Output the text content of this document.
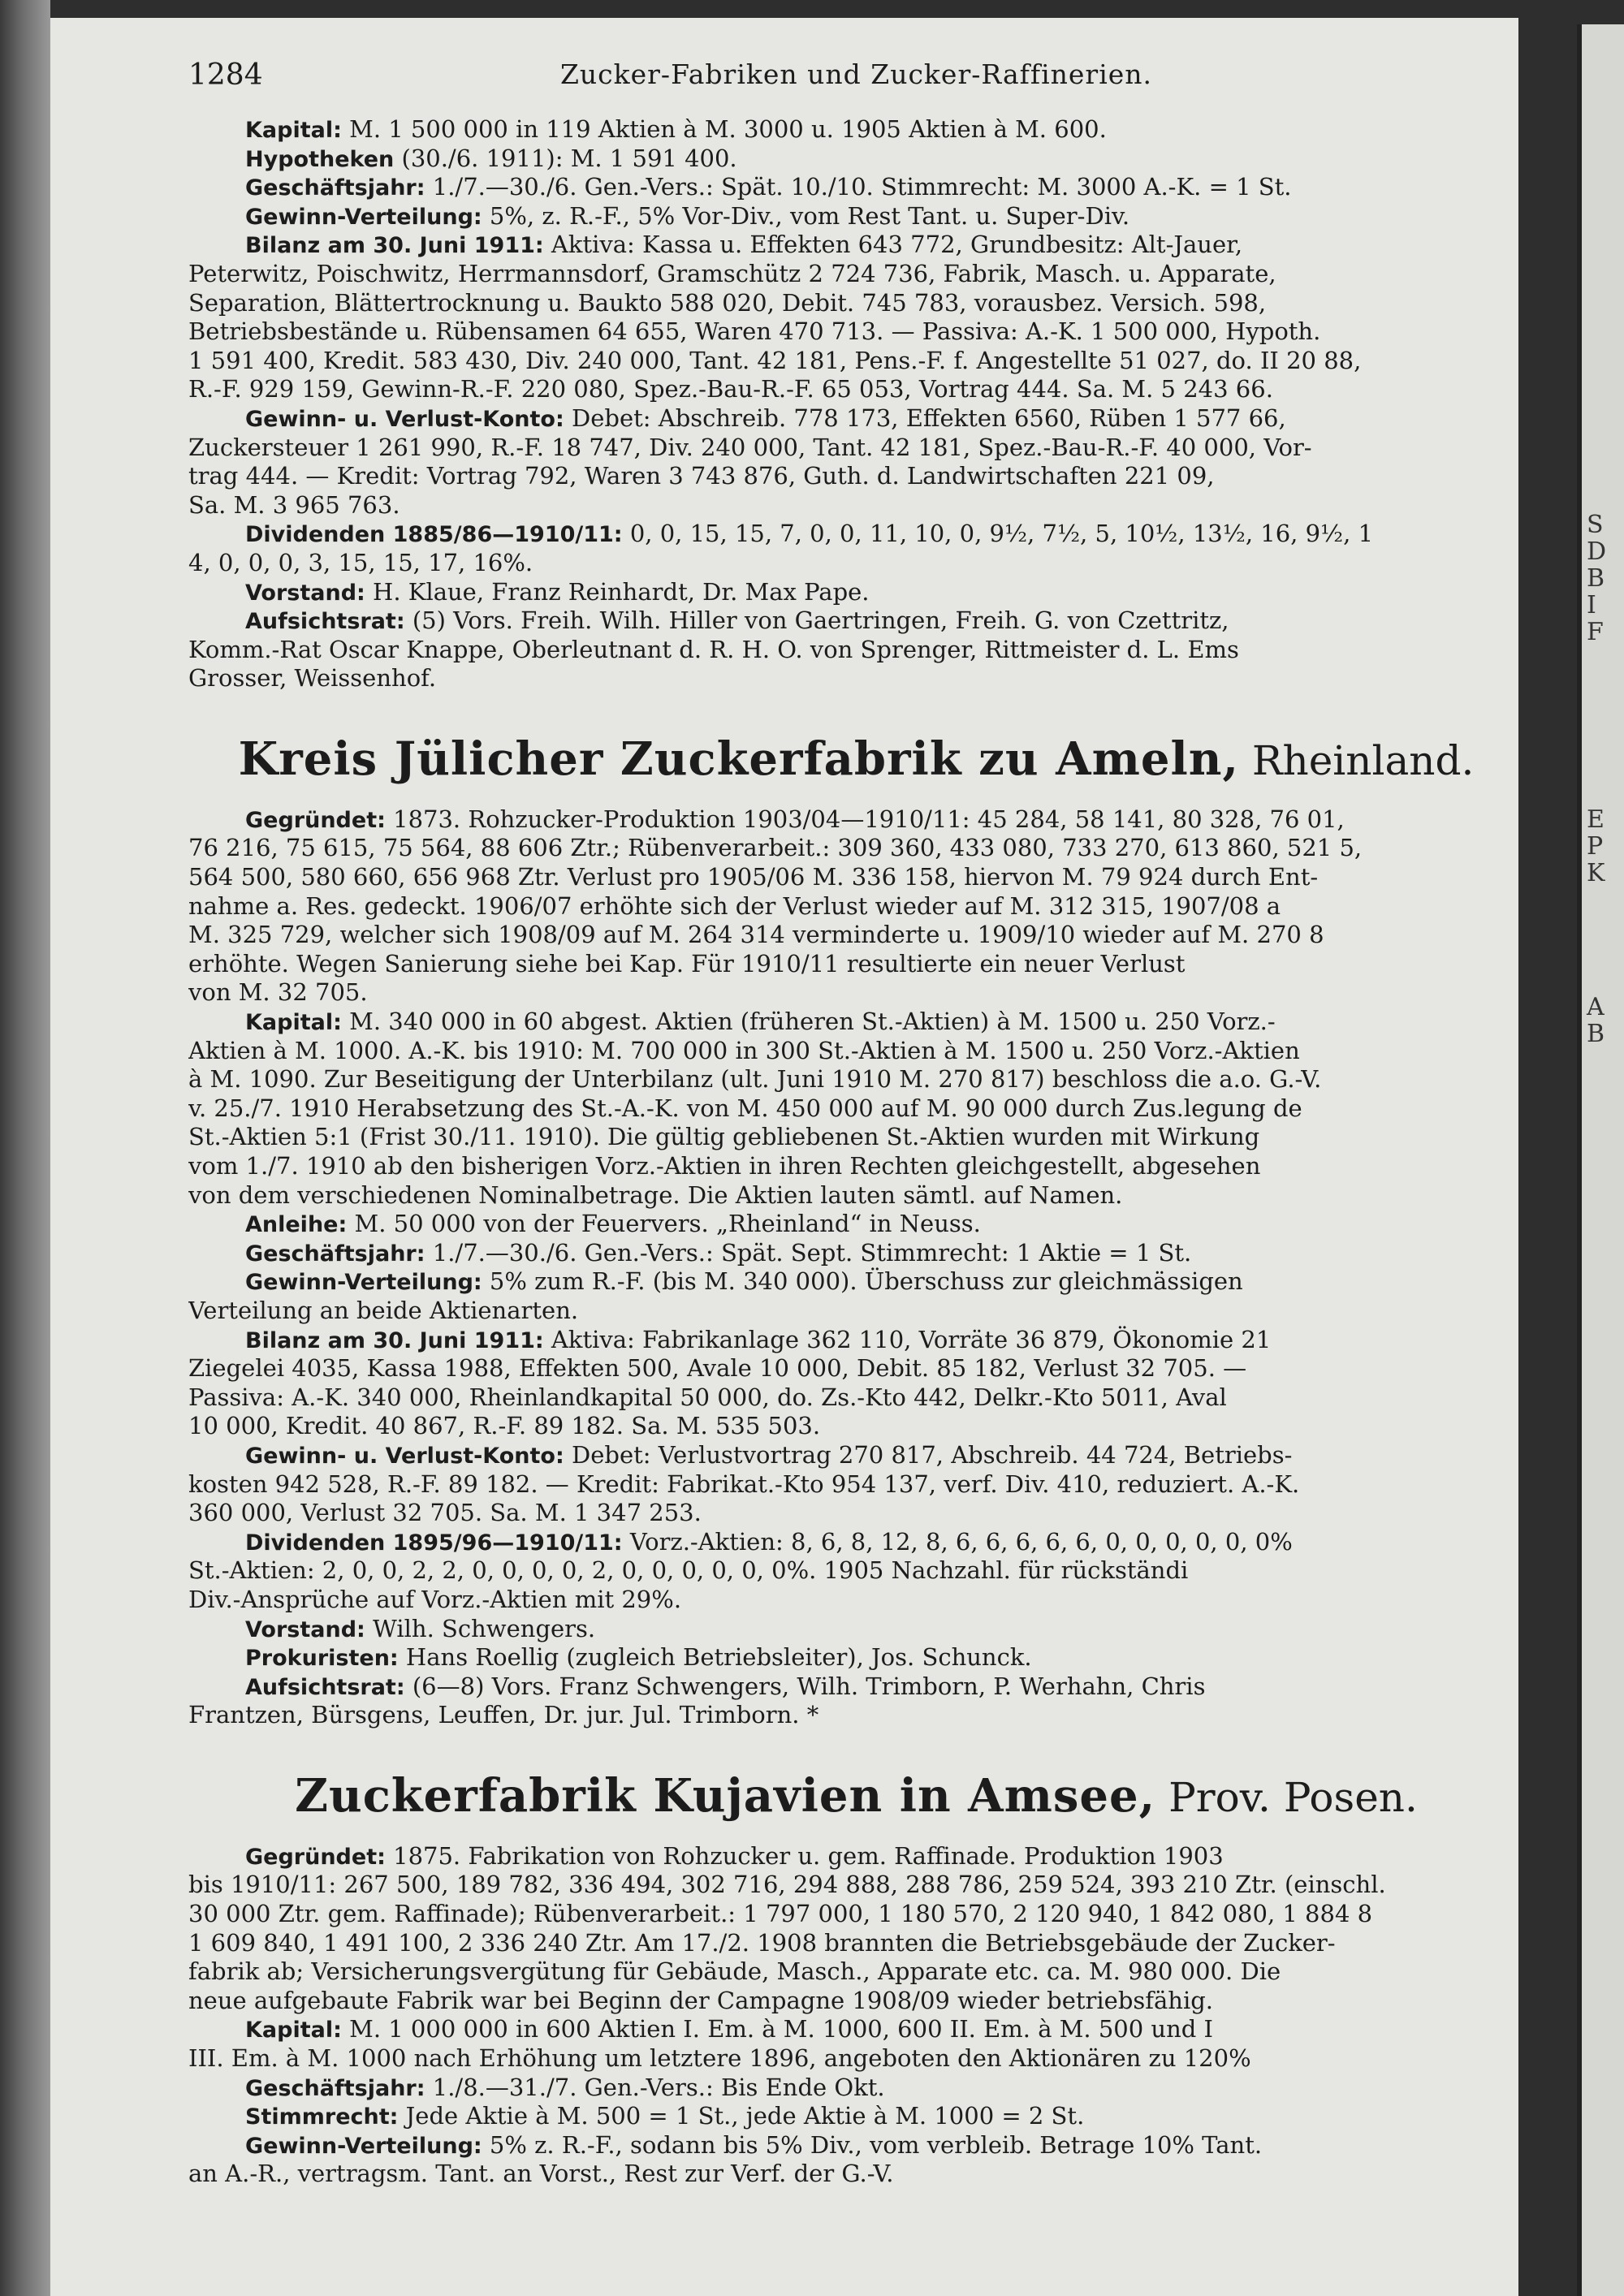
S
D
B
I
F

E
P
K

A
B
1284	Zucker-Fabriken und Zucker-Raffinerien.
Kapital: M. 1 500 000 in 119 Aktien à M. 3000 u. 1905 Aktien à M. 600.
Hypotheken (30./6. 1911): M. 1 591 400.
Geschäftsjahr: 1./7.—30./6. Gen.-Vers.: Spät. 10./10. Stimmrecht: M. 3000 A.-K. = 1 St.
Gewinn-Verteilung: 5%, z. R.-F., 5% Vor-Div., vom Rest Tant. u. Super-Div.
Bilanz am 30. Juni 1911: Aktiva: Kassa u. Effekten 643 772, Grundbesitz: Alt-Jauer,
Peterwitz, Poischwitz, Herrmannsdorf, Gramschütz 2 724 736, Fabrik, Masch. u. Apparate,
Separation, Blättertrocknung u. Baukto 588 020, Debit. 745 783, vorausbez. Versich. 598,
Betriebsbestände u. Rübensamen 64 655, Waren 470 713. — Passiva: A.-K. 1 500 000, Hypoth.
1 591 400, Kredit. 583 430, Div. 240 000, Tant. 42 181, Pens.-F. f. Angestellte 51 027, do. II 20 88,
R.-F. 929 159, Gewinn-R.-F. 220 080, Spez.-Bau-R.-F. 65 053, Vortrag 444. Sa. M. 5 243 66.
Gewinn- u. Verlust-Konto: Debet: Abschreib. 778 173, Effekten 6560, Rüben 1 577 66,
Zuckersteuer 1 261 990, R.-F. 18 747, Div. 240 000, Tant. 42 181, Spez.-Bau-R.-F. 40 000, Vor-
trag 444. — Kredit: Vortrag 792, Waren 3 743 876, Guth. d. Landwirtschaften 221 09,
Sa. M. 3 965 763.
Dividenden 1885/86—1910/11: 0, 0, 15, 15, 7, 0, 0, 11, 10, 0, 9½, 7½, 5, 10½, 13½, 16, 9½, 1
4, 0, 0, 0, 3, 15, 15, 17, 16%.
Vorstand: H. Klaue, Franz Reinhardt, Dr. Max Pape.
Aufsichtsrat: (5) Vors. Freih. Wilh. Hiller von Gaertringen, Freih. G. von Czettritz,
Komm.-Rat Oscar Knappe, Oberleutnant d. R. H. O. von Sprenger, Rittmeister d. L. Ems
Grosser, Weissenhof.
Kreis Jülicher Zuckerfabrik zu Ameln, Rheinland.
Gegründet: 1873. Rohzucker-Produktion 1903/04—1910/11: 45 284, 58 141, 80 328, 76 01,
76 216, 75 615, 75 564, 88 606 Ztr.; Rübenverarbeit.: 309 360, 433 080, 733 270, 613 860, 521 5,
564 500, 580 660, 656 968 Ztr. Verlust pro 1905/06 M. 336 158, hiervon M. 79 924 durch Ent-
nahme a. Res. gedeckt. 1906/07 erhöhte sich der Verlust wieder auf M. 312 315, 1907/08 a
M. 325 729, welcher sich 1908/09 auf M. 264 314 verminderte u. 1909/10 wieder auf M. 270 8
erhöhte. Wegen Sanierung siehe bei Kap. Für 1910/11 resultierte ein neuer Verlust
von M. 32 705.
Kapital: M. 340 000 in 60 abgest. Aktien (früheren St.-Aktien) à M. 1500 u. 250 Vorz.-
Aktien à M. 1000. A.-K. bis 1910: M. 700 000 in 300 St.-Aktien à M. 1500 u. 250 Vorz.-Aktien
à M. 1090. Zur Beseitigung der Unterbilanz (ult. Juni 1910 M. 270 817) beschloss die a.o. G.-V.
v. 25./7. 1910 Herabsetzung des St.-A.-K. von M. 450 000 auf M. 90 000 durch Zus.legung de
St.-Aktien 5:1 (Frist 30./11. 1910). Die gültig gebliebenen St.-Aktien wurden mit Wirkung
vom 1./7. 1910 ab den bisherigen Vorz.-Aktien in ihren Rechten gleichgestellt, abgesehen
von dem verschiedenen Nominalbetrage. Die Aktien lauten sämtl. auf Namen.
Anleihe: M. 50 000 von der Feuervers. „Rheinland“ in Neuss.
Geschäftsjahr: 1./7.—30./6. Gen.-Vers.: Spät. Sept. Stimmrecht: 1 Aktie = 1 St.
Gewinn-Verteilung: 5% zum R.-F. (bis M. 340 000). Überschuss zur gleichmässigen
Verteilung an beide Aktienarten.
Bilanz am 30. Juni 1911: Aktiva: Fabrikanlage 362 110, Vorräte 36 879, Ökonomie 21
Ziegelei 4035, Kassa 1988, Effekten 500, Avale 10 000, Debit. 85 182, Verlust 32 705. —
Passiva: A.-K. 340 000, Rheinlandkapital 50 000, do. Zs.-Kto 442, Delkr.-Kto 5011, Aval
10 000, Kredit. 40 867, R.-F. 89 182. Sa. M. 535 503.
Gewinn- u. Verlust-Konto: Debet: Verlustvortrag 270 817, Abschreib. 44 724, Betriebs-
kosten 942 528, R.-F. 89 182. — Kredit: Fabrikat.-Kto 954 137, verf. Div. 410, reduziert. A.-K.
360 000, Verlust 32 705. Sa. M. 1 347 253.
Dividenden 1895/96—1910/11: Vorz.-Aktien: 8, 6, 8, 12, 8, 6, 6, 6, 6, 6, 0, 0, 0, 0, 0, 0%
St.-Aktien: 2, 0, 0, 2, 2, 0, 0, 0, 0, 2, 0, 0, 0, 0, 0, 0%. 1905 Nachzahl. für rückständi
Div.-Ansprüche auf Vorz.-Aktien mit 29%.
Vorstand: Wilh. Schwengers.
Prokuristen: Hans Roellig (zugleich Betriebsleiter), Jos. Schunck.
Aufsichtsrat: (6—8) Vors. Franz Schwengers, Wilh. Trimborn, P. Werhahn, Chris
Frantzen, Bürsgens, Leuffen, Dr. jur. Jul. Trimborn. *
Zuckerfabrik Kujavien in Amsee, Prov. Posen.
Gegründet: 1875. Fabrikation von Rohzucker u. gem. Raffinade. Produktion 1903
bis 1910/11: 267 500, 189 782, 336 494, 302 716, 294 888, 288 786, 259 524, 393 210 Ztr. (einschl.
30 000 Ztr. gem. Raffinade); Rübenverarbeit.: 1 797 000, 1 180 570, 2 120 940, 1 842 080, 1 884 8
1 609 840, 1 491 100, 2 336 240 Ztr. Am 17./2. 1908 brannten die Betriebsgebäude der Zucker-
fabrik ab; Versicherungsvergütung für Gebäude, Masch., Apparate etc. ca. M. 980 000. Die
neue aufgebaute Fabrik war bei Beginn der Campagne 1908/09 wieder betriebsfähig.
Kapital: M. 1 000 000 in 600 Aktien I. Em. à M. 1000, 600 II. Em. à M. 500 und I
III. Em. à M. 1000 nach Erhöhung um letztere 1896, angeboten den Aktionären zu 120%
Geschäftsjahr: 1./8.—31./7. Gen.-Vers.: Bis Ende Okt.
Stimmrecht: Jede Aktie à M. 500 = 1 St., jede Aktie à M. 1000 = 2 St.
Gewinn-Verteilung: 5% z. R.-F., sodann bis 5% Div., vom verbleib. Betrage 10% Tant.
an A.-R., vertragsm. Tant. an Vorst., Rest zur Verf. der G.-V.
